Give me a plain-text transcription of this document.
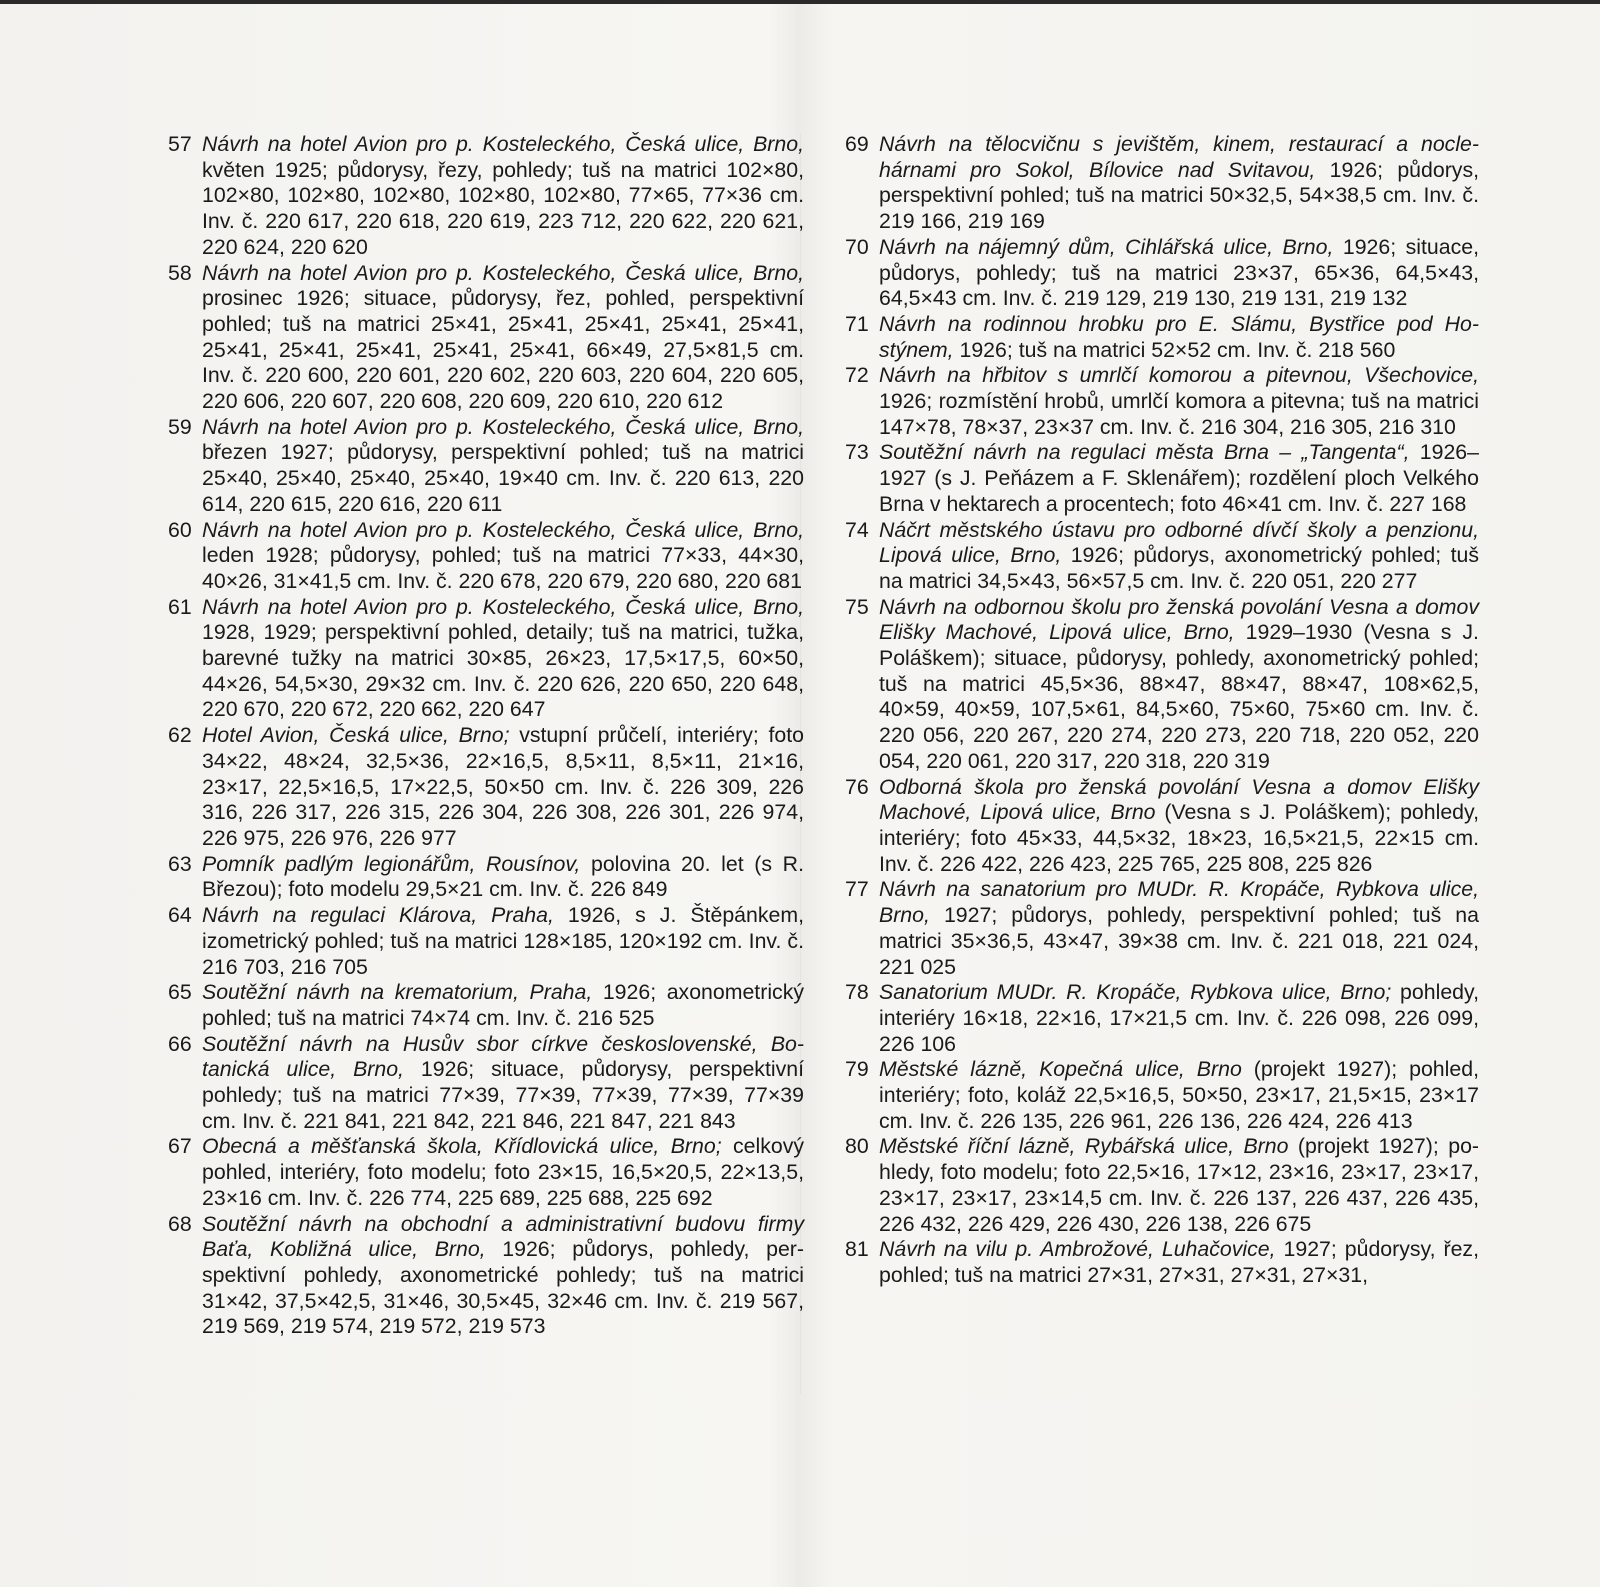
57 Návrh na hotel Avion pro p. Kosteleckého, Česká ulice, Brno, květen 1925; půdorysy, řezy, pohledy; tuš na matrici 102×80, 102×80, 102×80, 102×80, 102×80, 102×80, 77×65, 77×36 cm. Inv. č. 220 617, 220 618, 220 619, 223 712, 220 622, 220 621, 220 624, 220 620
58 Návrh na hotel Avion pro p. Kosteleckého, Česká ulice, Brno, prosinec 1926; situace, půdorysy, řez, pohled, perspektivní pohled; tuš na matrici 25×41, 25×41, 25×41, 25×41, 25×41, 25×41, 25×41, 25×41, 25×41, 25×41, 66×49, 27,5×81,5 cm. Inv. č. 220 600, 220 601, 220 602, 220 603, 220 604, 220 605, 220 606, 220 607, 220 608, 220 609, 220 610, 220 612
59 Návrh na hotel Avion pro p. Kosteleckého, Česká ulice, Brno, březen 1927; půdorysy, perspektivní pohled; tuš na matrici 25×40, 25×40, 25×40, 25×40, 19×40 cm. Inv. č. 220 613, 220 614, 220 615, 220 616, 220 611
60 Návrh na hotel Avion pro p. Kosteleckého, Česká ulice, Brno, leden 1928; půdorysy, pohled; tuš na matrici 77×33, 44×30, 40×26, 31×41,5 cm. Inv. č. 220 678, 220 679, 220 680, 220 681
61 Návrh na hotel Avion pro p. Kosteleckého, Česká ulice, Brno, 1928, 1929; perspektivní pohled, detaily; tuš na matrici, tužka, barevné tužky na matrici 30×85, 26×23, 17,5×17,5, 60×50, 44×26, 54,5×30, 29×32 cm. Inv. č. 220 626, 220 650, 220 648, 220 670, 220 672, 220 662, 220 647
62 Hotel Avion, Česká ulice, Brno; vstupní průčelí, interiéry; foto 34×22, 48×24, 32,5×36, 22×16,5, 8,5×11, 8,5×11, 21×16, 23×17, 22,5×16,5, 17×22,5, 50×50 cm. Inv. č. 226 309, 226 316, 226 317, 226 315, 226 304, 226 308, 226 301, 226 974, 226 975, 226 976, 226 977
63 Pomník padlým legionářům, Rousínov, polovina 20. let (s R. Březou); foto modelu 29,5×21 cm. Inv. č. 226 849
64 Návrh na regulaci Klárova, Praha, 1926, s J. Štěpánkem, izometrický pohled; tuš na matrici 128×185, 120×192 cm. Inv. č. 216 703, 216 705
65 Soutěžní návrh na krematorium, Praha, 1926; axonometrický pohled; tuš na matrici 74×74 cm. Inv. č. 216 525
66 Soutěžní návrh na Husův sbor církve československé, Botanická ulice, Brno, 1926; situace, půdorysy, perspektivní pohledy; tuš na matrici 77×39, 77×39, 77×39, 77×39, 77×39 cm. Inv. č. 221 841, 221 842, 221 846, 221 847, 221 843
67 Obecná a měšťanská škola, Křídlovická ulice, Brno; celkový pohled, interiéry, foto modelu; foto 23×15, 16,5×20,5, 22×13,5, 23×16 cm. Inv. č. 226 774, 225 689, 225 688, 225 692
68 Soutěžní návrh na obchodní a administrativní budovu firmy Baťa, Kobližná ulice, Brno, 1926; půdorys, pohledy, perspektivní pohledy, axonometrické pohledy; tuš na matrici 31×42, 37,5×42,5, 31×46, 30,5×45, 32×46 cm. Inv. č. 219 567, 219 569, 219 574, 219 572, 219 573
69 Návrh na tělocvičnu s jevištěm, kinem, restaurací a noclehárnami pro Sokol, Bílovice nad Svitavou, 1926; půdorys, perspektivní pohled; tuš na matrici 50×32,5, 54×38,5 cm. Inv. č. 219 166, 219 169
70 Návrh na nájemný dům, Cihlářská ulice, Brno, 1926; situace, půdorys, pohledy; tuš na matrici 23×37, 65×36, 64,5×43, 64,5×43 cm. Inv. č. 219 129, 219 130, 219 131, 219 132
71 Návrh na rodinnou hrobku pro E. Slámu, Bystřice pod Hostýnem, 1926; tuš na matrici 52×52 cm. Inv. č. 218 560
72 Návrh na hřbitov s umrlčí komorou a pitevnou, Všechovice, 1926; rozmístění hrobů, umrlčí komora a pitevna; tuš na matrici 147×78, 78×37, 23×37 cm. Inv. č. 216 304, 216 305, 216 310
73 Soutěžní návrh na regulaci města Brna – „Tangenta“, 1926–1927 (s J. Peňázem a F. Sklenářem); rozdělení ploch Velkého Brna v hektarech a procentech; foto 46×41 cm. Inv. č. 227 168
74 Náčrt městského ústavu pro odborné dívčí školy a penzionu, Lipová ulice, Brno, 1926; půdorys, axonometrický pohled; tuš na matrici 34,5×43, 56×57,5 cm. Inv. č. 220 051, 220 277
75 Návrh na odbornou školu pro ženská povolání Vesna a domov Elišky Machové, Lipová ulice, Brno, 1929–1930 (Vesna s J. Poláškem); situace, půdorysy, pohledy, axonometrický pohled; tuš na matrici 45,5×36, 88×47, 88×47, 88×47, 108×62,5, 40×59, 40×59, 107,5×61, 84,5×60, 75×60, 75×60 cm. Inv. č. 220 056, 220 267, 220 274, 220 273, 220 718, 220 052, 220 054, 220 061, 220 317, 220 318, 220 319
76 Odborná škola pro ženská povolání Vesna a domov Elišky Machové, Lipová ulice, Brno (Vesna s J. Poláškem); pohledy, interiéry; foto 45×33, 44,5×32, 18×23, 16,5×21,5, 22×15 cm. Inv. č. 226 422, 226 423, 225 765, 225 808, 225 826
77 Návrh na sanatorium pro MUDr. R. Kropáče, Rybkova ulice, Brno, 1927; půdorys, pohledy, perspektivní pohled; tuš na matrici 35×36,5, 43×47, 39×38 cm. Inv. č. 221 018, 221 024, 221 025
78 Sanatorium MUDr. R. Kropáče, Rybkova ulice, Brno; pohledy, interiéry 16×18, 22×16, 17×21,5 cm. Inv. č. 226 098, 226 099, 226 106
79 Městské lázně, Kopečná ulice, Brno (projekt 1927); pohled, interiéry; foto, koláž 22,5×16,5, 50×50, 23×17, 21,5×15, 23×17 cm. Inv. č. 226 135, 226 961, 226 136, 226 424, 226 413
80 Městské říční lázně, Rybářská ulice, Brno (projekt 1927); pohledy, foto modelu; foto 22,5×16, 17×12, 23×16, 23×17, 23×17, 23×17, 23×17, 23×14,5 cm. Inv. č. 226 137, 226 437, 226 435, 226 432, 226 429, 226 430, 226 138, 226 675
81 Návrh na vilu p. Ambrožové, Luhačovice, 1927; půdorysy, řez, pohled; tuš na matrici 27×31, 27×31, 27×31, 27×31,
